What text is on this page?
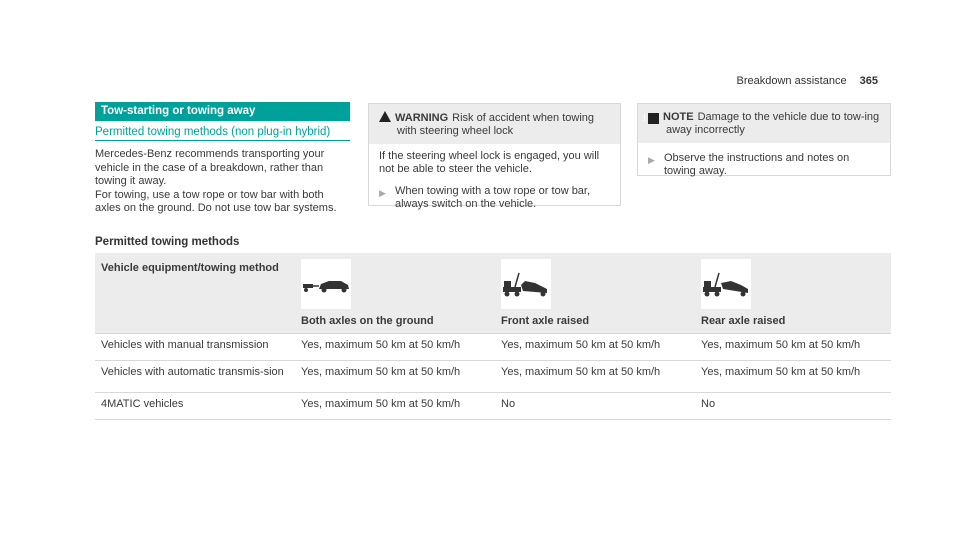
Breakdown assistance 365
Tow-starting or towing away
Permitted towing methods (non plug-in hybrid)

Mercedes-Benz recommends transporting your vehicle in the case of a breakdown, rather than towing it away.

For towing, use a tow rope or tow bar with both axles on the ground. Do not use tow bar systems.

!WARNING Risk of accident when towing with steering wheel lock
If the steering wheel lock is engaged, you will not be able to steer the vehicle.
▶ When towing with a tow rope or tow bar, always switch on the vehicle.
! NOTE Damage to the vehicle due to tow-ing away incorrectly
▶ Observe the instructions and notes on towing away.
Permitted towing methods
Vehicle equipment/towing method	Both axles on the ground	Front axle raised	Rear axle raised
Vehicles with manual transmission	Yes, maximum 50 km at 50 km/h	Yes, maximum 50 km at 50 km/h	Yes, maximum 50 km at 50 km/h
Vehicles with automatic transmis-sion	Yes, maximum 50 km at 50 km/h	Yes, maximum 50 km at 50 km/h	Yes, maximum 50 km at 50 km/h
4MATIC vehicles	Yes, maximum 50 km at 50 km/h	No	No
